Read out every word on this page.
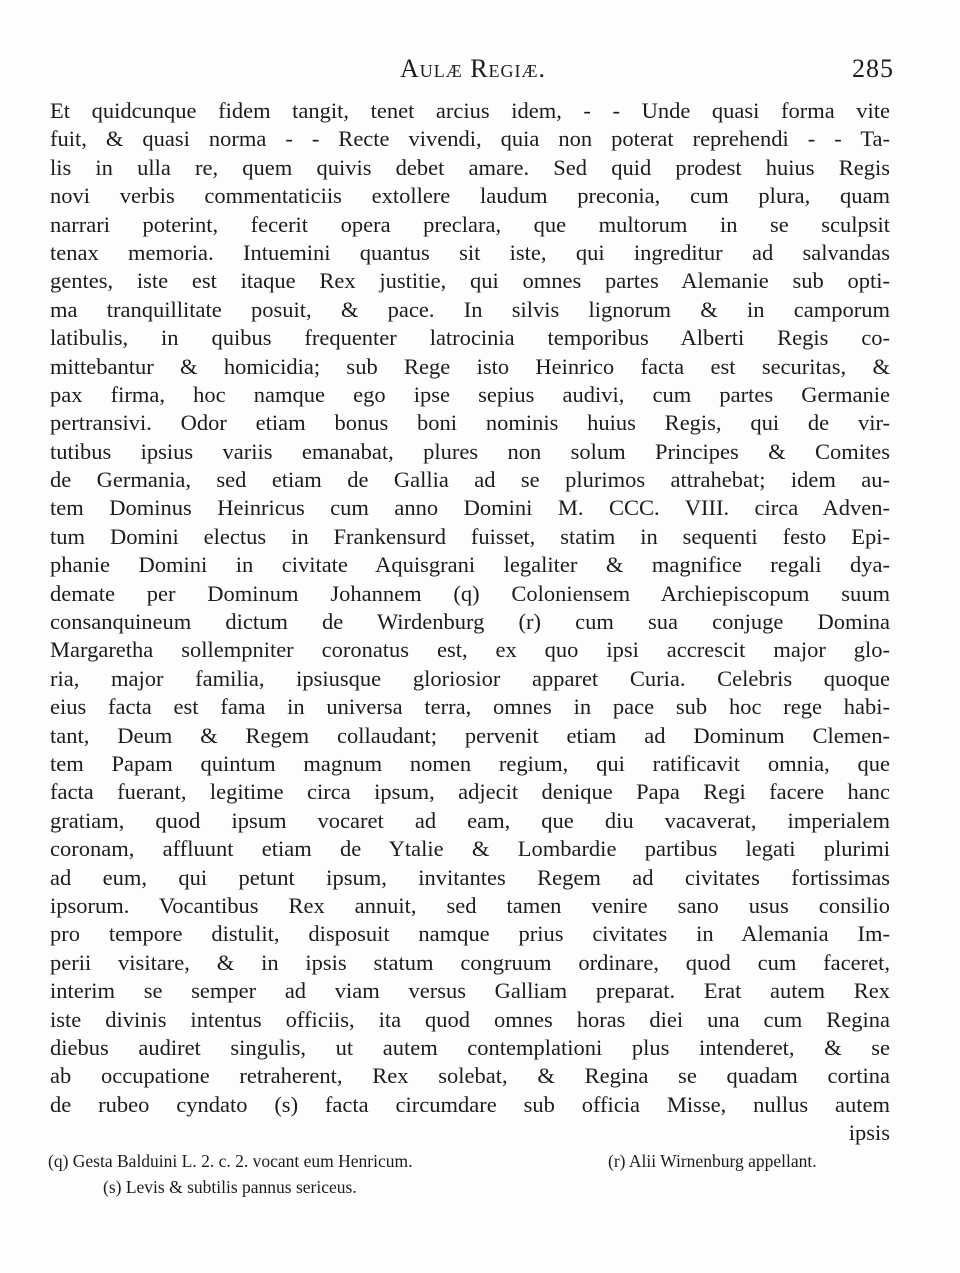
Aulæ Regiæ.	285
Et quidcunque fidem tangit, tenet arcius idem, - - Unde quasi forma vite
fuit, & quasi norma - - Recte vivendi, quia non poterat reprehendi - - Ta-
lis in ulla re, quem quivis debet amare. Sed quid prodest huius Regis
novi verbis commentaticiis extollere laudum preconia, cum plura, quam
narrari poterint, fecerit opera preclara, que multorum in se sculpsit
tenax memoria. Intuemini quantus sit iste, qui ingreditur ad salvandas
gentes, iste est itaque Rex justitie, qui omnes partes Alemanie sub opti-
ma tranquillitate posuit, & pace. In silvis lignorum & in camporum
latibulis, in quibus frequenter latrocinia temporibus Alberti Regis co-
mittebantur & homicidia; sub Rege isto Heinrico facta est securitas, &
pax firma, hoc namque ego ipse sepius audivi, cum partes Germanie
pertransivi. Odor etiam bonus boni nominis huius Regis, qui de vir-
tutibus ipsius variis emanabat, plures non solum Principes & Comites
de Germania, sed etiam de Gallia ad se plurimos attrahebat; idem au-
tem Dominus Heinricus cum anno Domini M. CCC. VIII. circa Adven-
tum Domini electus in Frankensurd fuisset, statim in sequenti festo Epi-
phanie Domini in civitate Aquisgrani legaliter & magnifice regali dya-
demate per Dominum Johannem (q) Coloniensem Archiepiscopum suum
consanquineum dictum de Wirdenburg (r) cum sua conjuge Domina
Margaretha sollempniter coronatus est, ex quo ipsi accrescit major glo-
ria, major familia, ipsiusque gloriosior apparet Curia. Celebris quoque
eius facta est fama in universa terra, omnes in pace sub hoc rege habi-
tant, Deum & Regem collaudant; pervenit etiam ad Dominum Clemen-
tem Papam quintum magnum nomen regium, qui ratificavit omnia, que
facta fuerant, legitime circa ipsum, adjecit denique Papa Regi facere hanc
gratiam, quod ipsum vocaret ad eam, que diu vacaverat, imperialem
coronam, affluunt etiam de Ytalie & Lombardie partibus legati plurimi
ad eum, qui petunt ipsum, invitantes Regem ad civitates fortissimas
ipsorum. Vocantibus Rex annuit, sed tamen venire sano usus consilio
pro tempore distulit, disposuit namque prius civitates in Alemania Im-
perii visitare, & in ipsis statum congruum ordinare, quod cum faceret,
interim se semper ad viam versus Galliam preparat. Erat autem Rex
iste divinis intentus officiis, ita quod omnes horas diei una cum Regina
diebus audiret singulis, ut autem contemplationi plus intenderet, & se
ab occupatione retraherent, Rex solebat, & Regina se quadam cortina
de rubeo cyndato (s) facta circumdare sub officia Misse, nullus autem
ipsis
(q) Gesta Balduini L. 2. c. 2. vocant eum Henricum.	(r) Alii Wirnenburg appellant.
(s) Levis & subtilis pannus sericeus.
